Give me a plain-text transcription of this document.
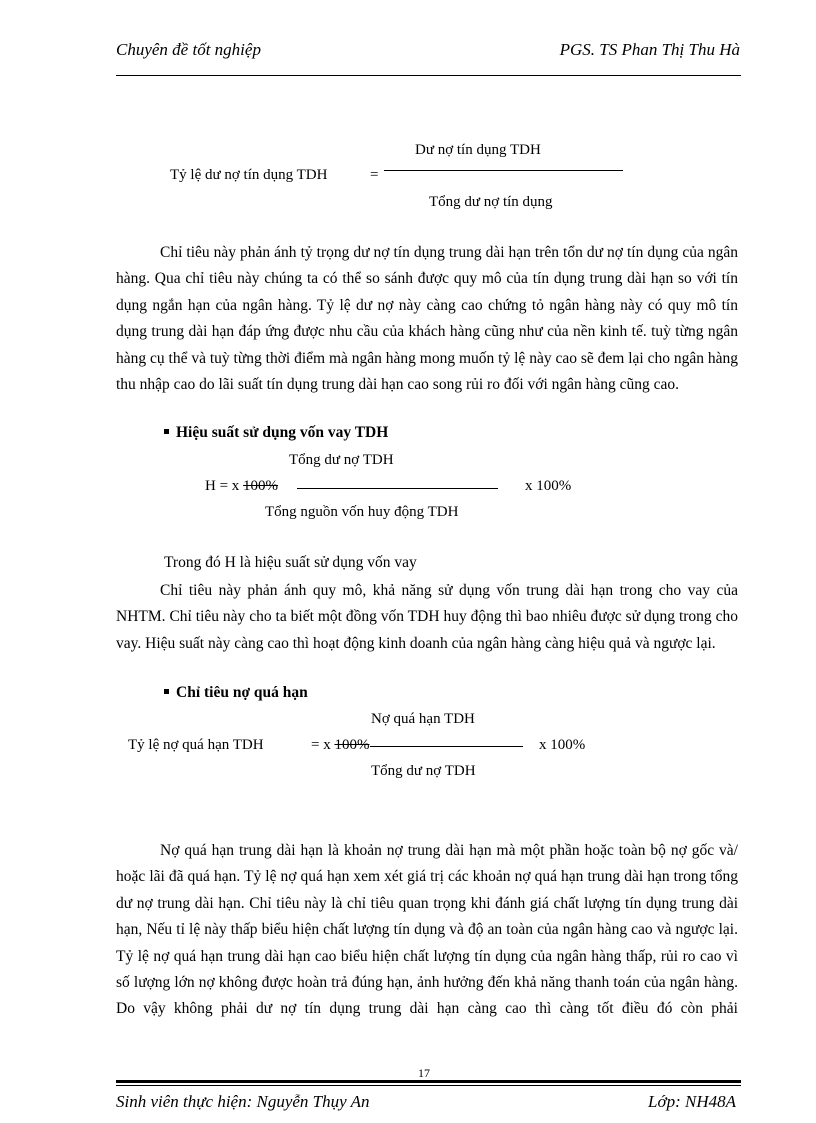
Chuyên đề tốt nghiệp	PGS. TS Phan Thị Thu Hà
Dư nợ tín dụng TDH
Tỷ lệ dư nợ tín dụng TDH	=
Tổng dư nợ tín dụng
Chỉ tiêu này phản ánh tỷ trọng dư nợ tín dụng trung dài hạn trên tổn dư nợ tín dụng của ngân hàng. Qua chỉ tiêu này chúng ta có thể so sánh được quy mô của tín dụng trung dài hạn so với tín dụng ngắn hạn của ngân hàng. Tỷ lệ dư nợ này càng cao chứng tỏ ngân hàng này có quy mô tín dụng trung dài hạn đáp ứng được nhu cầu của khách hàng cũng như của nền kinh tế. tuỳ từng ngân hàng cụ thể và tuỳ từng thời điểm mà ngân hàng mong muốn tỷ lệ này cao sẽ đem lại cho ngân hàng thu nhập cao do lãi suất tín dụng trung dài hạn cao song rủi ro đối với ngân hàng cũng cao.
Hiệu suất sử dụng vốn vay TDH
Tổng dư nợ TDH
H = x 100%	x 100%
Tổng nguồn vốn huy động TDH
Trong đó H là hiệu suất sử dụng vốn vay
Chỉ tiêu này phản ánh quy mô, khả năng sử dụng vốn trung dài hạn trong cho vay của NHTM. Chỉ tiêu này cho ta biết một đồng vốn TDH huy động thì bao nhiêu được sử dụng trong cho vay. Hiệu suất này càng cao thì hoạt động kinh doanh của ngân hàng càng hiệu quả và ngược lại.
Chỉ tiêu nợ quá hạn
Nợ quá hạn TDH
Tỷ lệ nợ quá hạn TDH	= x 100%	x 100%
Tổng dư nợ TDH
Nợ quá hạn trung dài hạn là khoản nợ trung dài hạn mà một phần hoặc toàn bộ nợ gốc và/ hoặc lãi đã quá hạn. Tỷ lệ nợ quá hạn xem xét giá trị các khoản nợ quá hạn trung dài hạn trong tổng dư nợ trung dài hạn. Chỉ tiêu này là chỉ tiêu quan trọng khi đánh giá chất lượng tín dụng trung dài hạn, Nếu tỉ lệ này thấp biểu hiện chất lượng tín dụng và độ an toàn của ngân hàng cao và ngược lại. Tỷ lệ nợ quá hạn trung dài hạn cao biểu hiện chất lượng tín dụng của ngân hàng thấp, rủi ro cao vì số lượng lớn nợ không được hoàn trả đúng hạn, ảnh hưởng đến khả năng thanh toán của ngân hàng. Do vậy không phải dư nợ tín dụng trung dài hạn càng cao thì càng tốt điều đó còn phải
17
Sinh viên thực hiện: Nguyễn Thụy An	Lớp: NH48A
